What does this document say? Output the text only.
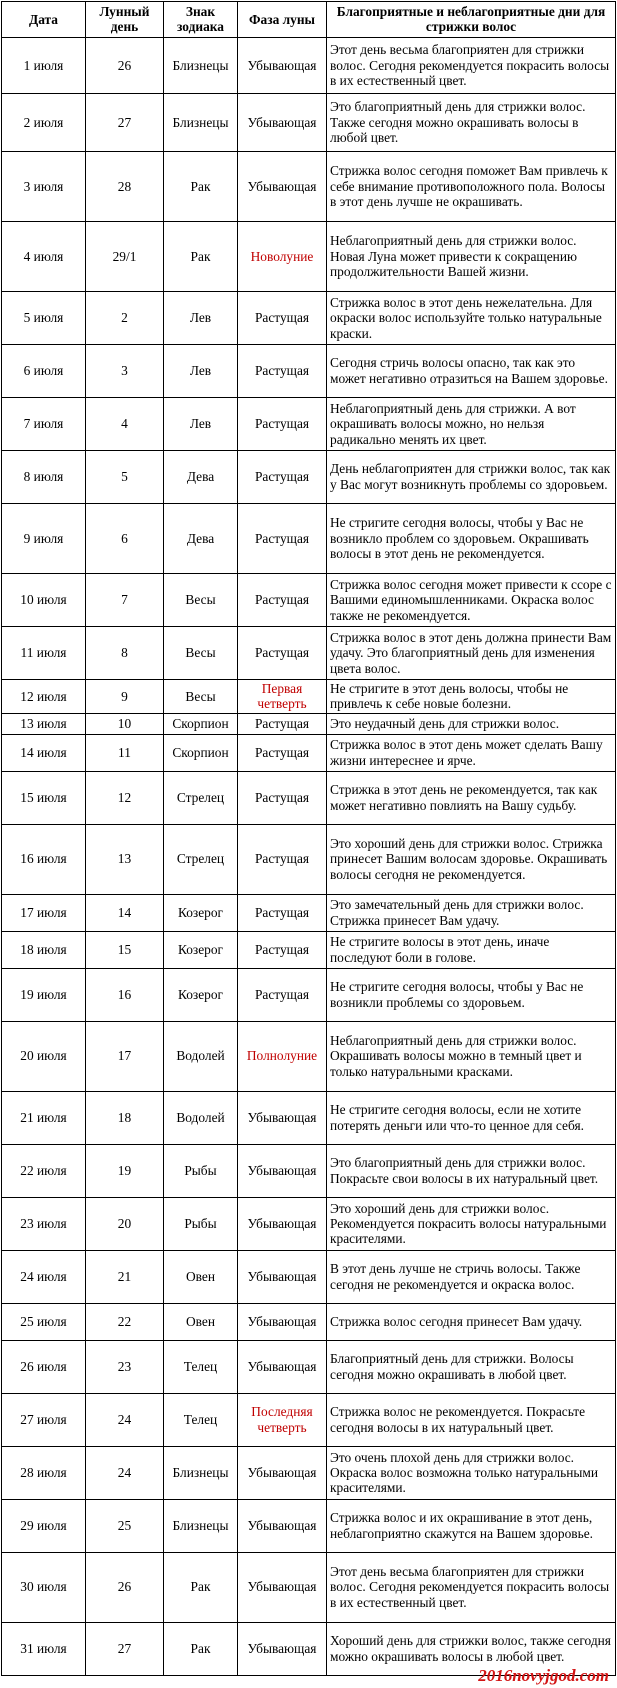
Дата	Лунный день	Знак зодиака	Фаза луны	Благоприятные и неблагоприятные дни для стрижки волос
1 июля	26	Близнецы	Убывающая	Этот день весьма благоприятен для стрижки волос. Сегодня рекомендуется покрасить волосы в их естественный цвет.
2 июля	27	Близнецы	Убывающая	Это благоприятный день для стрижки волос. Также сегодня можно окрашивать волосы в любой цвет.
3 июля	28	Рак	Убывающая	Стрижка волос сегодня поможет Вам привлечь к себе внимание противоположного пола. Волосы в этот день лучше не окрашивать.
4 июля	29/1	Рак	Новолуние	Неблагоприятный день для стрижки волос. Новая Луна может привести к сокращению продолжительности Вашей жизни.
5 июля	2	Лев	Растущая	Стрижка волос в этот день нежелательна. Для окраски волос используйте только натуральные краски.
6 июля	3	Лев	Растущая	Сегодня стричь волосы опасно, так как это может негативно отразиться на Вашем здоровье.
7 июля	4	Лев	Растущая	Неблагоприятный день для стрижки. А вот окрашивать волосы можно, но нельзя радикально менять их цвет.
8 июля	5	Дева	Растущая	День неблагоприятен для стрижки волос, так как у Вас могут возникнуть проблемы со здоровьем.
9 июля	6	Дева	Растущая	Не стригите сегодня волосы, чтобы у Вас не возникло проблем со здоровьем. Окрашивать волосы в этот день не рекомендуется.
10 июля	7	Весы	Растущая	Стрижка волос сегодня может привести к ссоре с Вашими единомышленниками. Окраска волос также не рекомендуется.
11 июля	8	Весы	Растущая	Стрижка волос в этот день должна принести Вам удачу. Это благоприятный день для изменения цвета волос.
12 июля	9	Весы	Первая четверть	Не стригите в этот день волосы, чтобы не привлечь к себе новые болезни.
13 июля	10	Скорпион	Растущая	Это неудачный день для стрижки волос.
14 июля	11	Скорпион	Растущая	Стрижка волос в этот день может сделать Вашу жизни интереснее и ярче.
15 июля	12	Стрелец	Растущая	Стрижка в этот день не рекомендуется, так как может негативно повлиять на Вашу судьбу.
16 июля	13	Стрелец	Растущая	Это хороший день для стрижки волос. Стрижка принесет Вашим волосам здоровье. Окрашивать волосы сегодня не рекомендуется.
17 июля	14	Козерог	Растущая	Это замечательный день для стрижки волос. Стрижка принесет Вам удачу.
18 июля	15	Козерог	Растущая	Не стригите волосы в этот день, иначе последуют боли в голове.
19 июля	16	Козерог	Растущая	Не стригите сегодня волосы, чтобы у Вас не возникли проблемы со здоровьем.
20 июля	17	Водолей	Полнолуние	Неблагоприятный день для стрижки волос. Окрашивать волосы можно в темный цвет и только натуральными красками.
21 июля	18	Водолей	Убывающая	Не стригите сегодня волосы, если не хотите потерять деньги или что-то ценное для себя.
22 июля	19	Рыбы	Убывающая	Это благоприятный день для стрижки волос. Покрасьте свои волосы в их натуральный цвет.
23 июля	20	Рыбы	Убывающая	Это хороший день для стрижки волос. Рекомендуется покрасить волосы натуральными красителями.
24 июля	21	Овен	Убывающая	В этот день лучше не стричь волосы. Также сегодня не рекомендуется и окраска волос.
25 июля	22	Овен	Убывающая	Стрижка волос сегодня принесет Вам удачу.
26 июля	23	Телец	Убывающая	Благоприятный день для стрижки. Волосы сегодня можно окрашивать в любой цвет.
27 июля	24	Телец	Последняя четверть	Стрижка волос не рекомендуется. Покрасьте сегодня волосы в их натуральный цвет.
28 июля	24	Близнецы	Убывающая	Это очень плохой день для стрижки волос. Окраска волос возможна только натуральными красителями.
29 июля	25	Близнецы	Убывающая	Стрижка волос и их окрашивание в этот день, неблагоприятно скажутся на Вашем здоровье.
30 июля	26	Рак	Убывающая	Этот день весьма благоприятен для стрижки волос. Сегодня рекомендуется покрасить волосы в их естественный цвет.
31 июля	27	Рак	Убывающая	Хороший день для стрижки волос, также сегодня можно окрашивать волосы в любой цвет.
2016novyjgod.com
